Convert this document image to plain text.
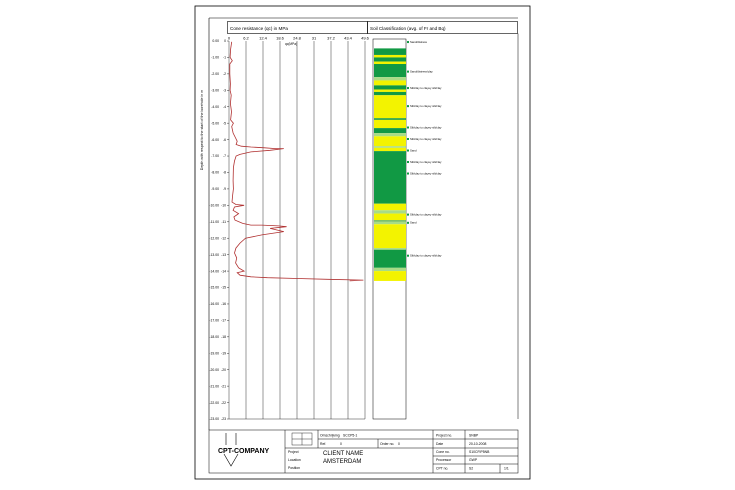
Cone resistance (qc) in MPa	Soil Classification (avg. of Fr and Bq)
Depth with respect to the start of the borehole in m
0	6.2	12.4 18.6 24.8	31	37.2 43.4 49.6
0.00
-1.00
-2.00
-3.00
-4.00
-5.00
-6.00
-7.00
-8.00
-9.00
-10.00
-11.00
-12.00
-13.00
-14.00
-15.00
-16.00
-17.00
-18.00
-19.00
-20.00
-21.00
-22.00
-23.00
0
-1
-2
-3
-4
-5
-6
-7
-8
-9
-10
-11
-12
-13
-14
-15
-16
-17
-18
-19
-20
-21
-22
-23
qc(MPa)
Sand/distress
Sand/distress/clay
Silt/clay to clayey silt/clay
Silt/clay to clayey silt/clay
Silt/clay to clayey silt/clay
Silt/clay to clayey silt/clay
Sand
Silt/clay to clayey silt/clay
Silt/clay to clayey silt/clay
Silt/clay to clayey silt/clay
Sand
Silt/clay to clayey silt/clay
CPT-COMPANY
Omschrijving SCCP5-1
Ref.	0	Order no. 0
Project
Location
Position
CLIENT NAME
AMSTERDAM
Project no.	SNBP
Date	20-10-2008
Cone no.	S10CFIP5NB
Processor	GWP
CPT no.	S2	1/1
